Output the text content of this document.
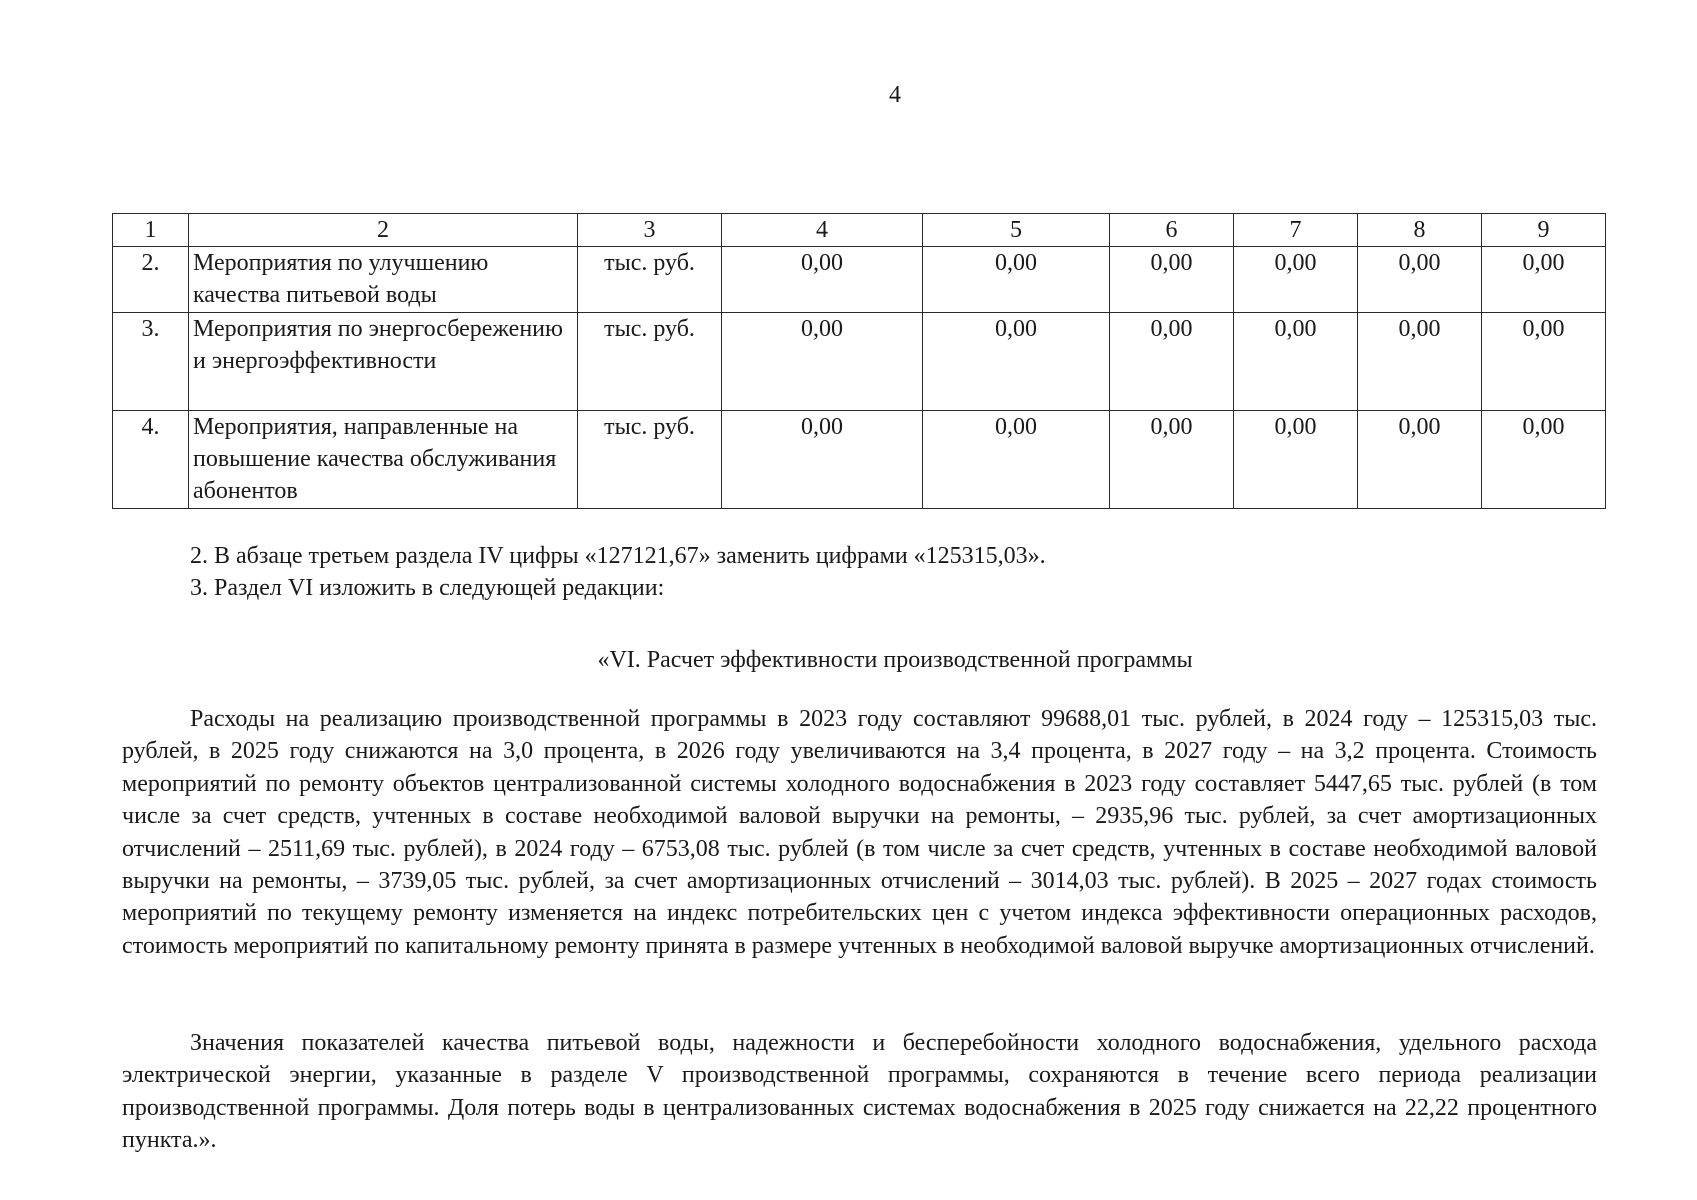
4
1	2	3	4	5	6	7	8	9
2.	Мероприятия по улучшению качества питьевой воды	тыс. руб.	0,00	0,00	0,00	0,00	0,00	0,00
3.	Мероприятия по энергосбережению и энергоэффективности	тыс. руб.	0,00	0,00	0,00	0,00	0,00	0,00
4.	Мероприятия, направленные на повышение качества обслуживания абонентов	тыс. руб.	0,00	0,00	0,00	0,00	0,00	0,00

2. В абзаце третьем раздела IV цифры «127121,67» заменить цифрами «125315,03».

3. Раздел VI изложить в следующей редакции:

«VI. Расчет эффективности производственной программы

Расходы на реализацию производственной программы в 2023 году составляют 99688,01 тыс. рублей, в 2024 году – 125315,03 тыс. рублей, в 2025 году снижаются на 3,0 процента, в 2026 году увеличиваются на 3,4 процента, в 2027 году – на 3,2 процента. Стоимость мероприятий по ремонту объектов централизованной системы холодного водоснабжения в 2023 году составляет 5447,65 тыс. рублей (в том числе за счет средств, учтенных в составе необходимой валовой выручки на ремонты, – 2935,96 тыс. рублей, за счет амортизационных отчислений – 2511,69 тыс. рублей), в 2024 году – 6753,08 тыс. рублей (в том числе за счет средств, учтенных в составе необходимой валовой выручки на ремонты, – 3739,05 тыс. рублей, за счет амортизационных отчислений – 3014,03 тыс. рублей). В 2025 – 2027 годах стоимость мероприятий по текущему ремонту изменяется на индекс потребительских цен с учетом индекса эффективности операционных расходов, стоимость мероприятий по капитальному ремонту принята в размере учтенных в необходимой валовой выручке амортизационных отчислений.

Значения показателей качества питьевой воды, надежности и бесперебойности холодного водоснабжения, удельного расхода электрической энергии, указанные в разделе V производственной программы, сохраняются в течение всего периода реализации производственной программы. Доля потерь воды в централизованных системах водоснабжения в 2025 году снижается на 22,22 процентного пункта.».
